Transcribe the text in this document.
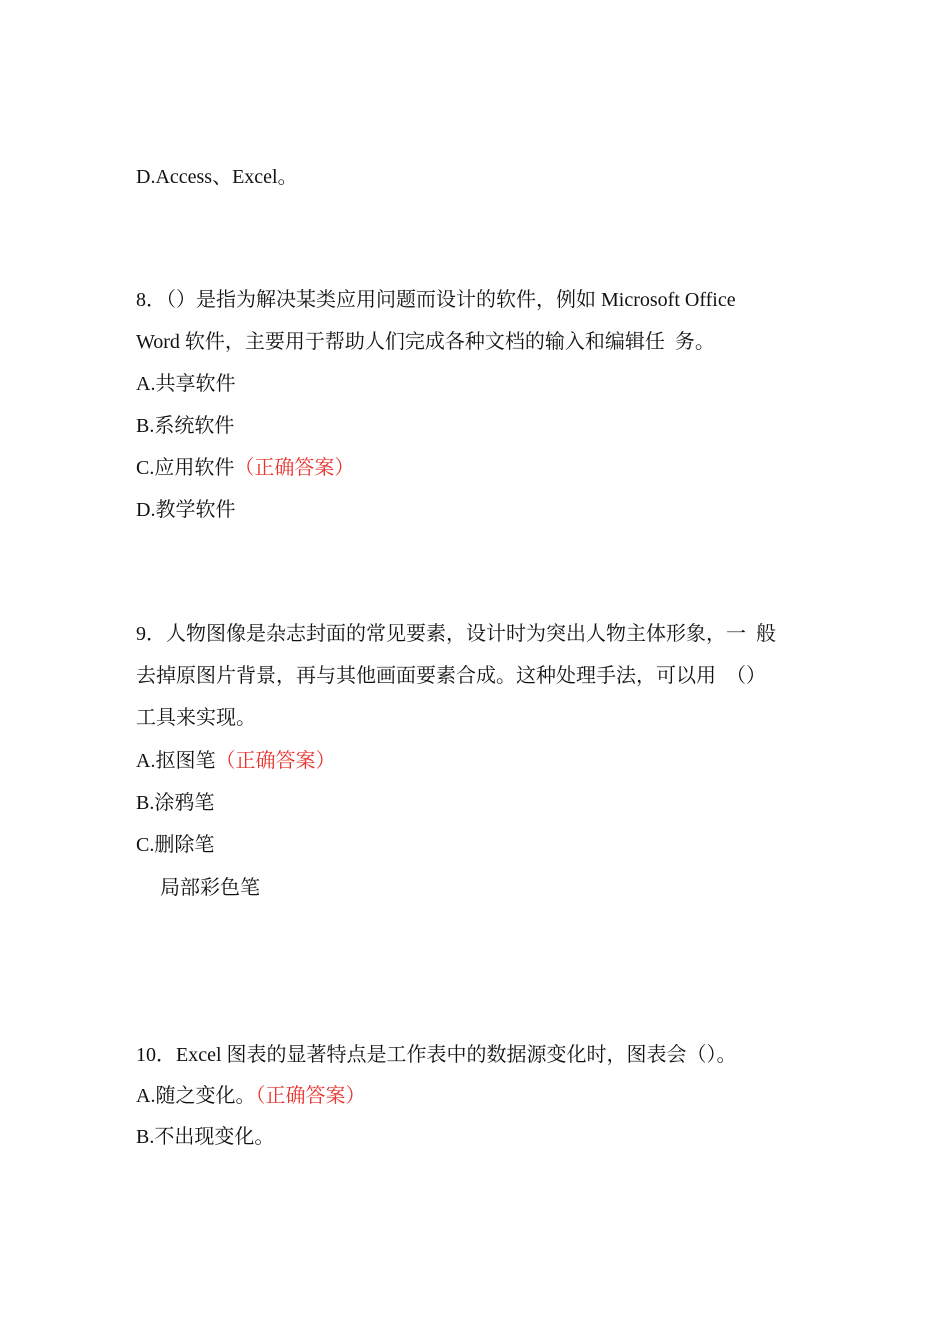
D.Access、Excel。
8．（）是指为解决某类应用问题而设计的软件，例如 Microsoft Office
Word 软件，主要用于帮助人们完成各种文档的输入和编辑任  务。
A.共享软件
B.系统软件
C.应用软件（正确答案）
D.教学软件
9．人物图像是杂志封面的常见要素，设计时为突出人物主体形象，一  般
去掉原图片背景，再与其他画面要素合成。这种处理手法，可以用  （）
工具来实现。
A.抠图笔（正确答案）
B.涂鸦笔
C.删除笔
局部彩色笔
10．Excel 图表的显著特点是工作表中的数据源变化时，图表会（）。
A.随之变化。（正确答案）
B.不出现变化。
